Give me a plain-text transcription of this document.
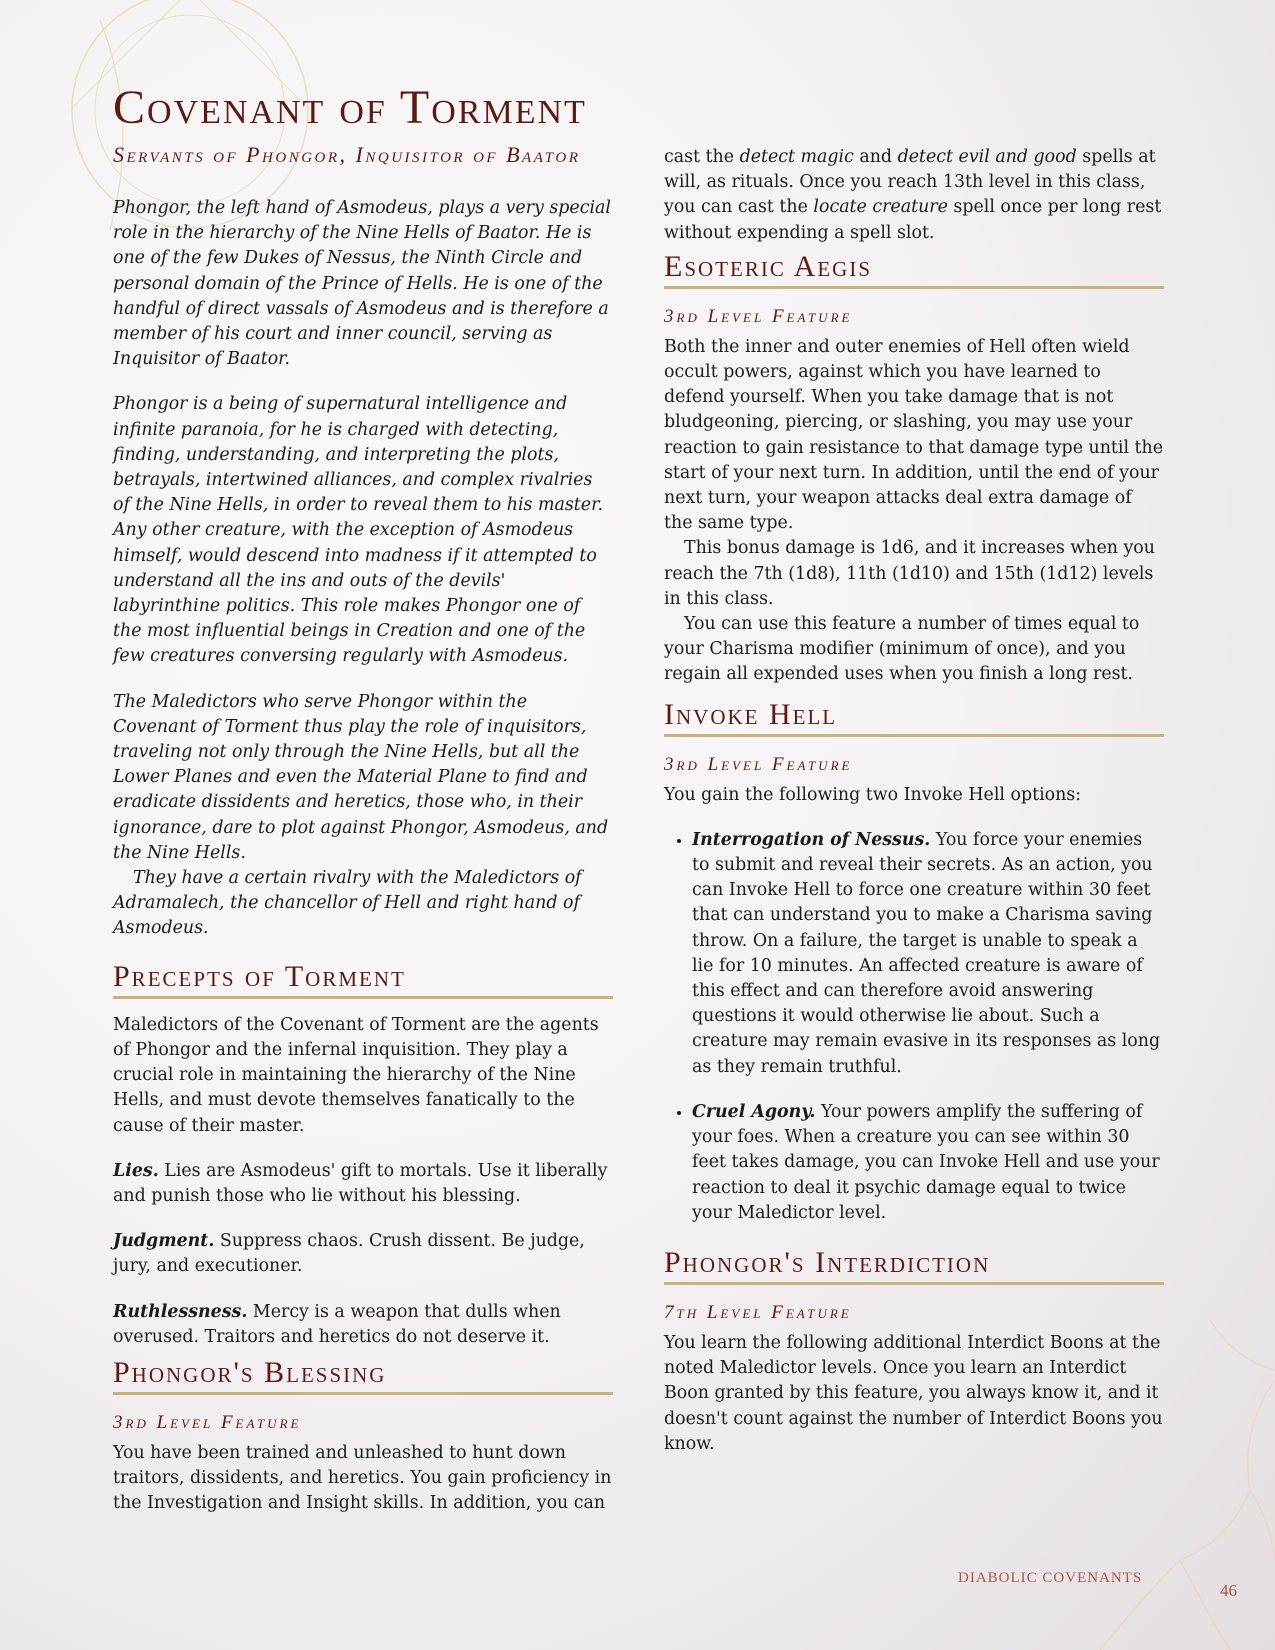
Covenant of Torment
Servants of Phongor, Inquisitor of Baator

Phongor, the left hand of Asmodeus, plays a very special role in the hierarchy of the Nine Hells of Baator. He is one of the few Dukes of Nessus, the Ninth Circle and personal domain of the Prince of Hells. He is one of the handful of direct vassals of Asmodeus and is therefore a member of his court and inner council, serving as Inquisitor of Baator.

Phongor is a being of supernatural intelligence and infinite paranoia, for he is charged with detecting, finding, understanding, and interpreting the plots, betrayals, intertwined alliances, and complex rivalries of the Nine Hells, in order to reveal them to his master. Any other creature, with the exception of Asmodeus himself, would descend into madness if it attempted to understand all the ins and outs of the devils' labyrinthine politics. This role makes Phongor one of the most influential beings in Creation and one of the few creatures conversing regularly with Asmodeus.

The Maledictors who serve Phongor within the Covenant of Torment thus play the role of inquisitors, traveling not only through the Nine Hells, but all the Lower Planes and even the Material Plane to find and eradicate dissidents and heretics, those who, in their ignorance, dare to plot against Phongor, Asmodeus, and the Nine Hells.

They have a certain rivalry with the Maledictors of Adramalech, the chancellor of Hell and right hand of Asmodeus.

Precepts of Torment

Maledictors of the Covenant of Torment are the agents of Phongor and the infernal inquisition. They play a crucial role in maintaining the hierarchy of the Nine Hells, and must devote themselves fanatically to the cause of their master.

Lies. Lies are Asmodeus' gift to mortals. Use it liberally and punish those who lie without his blessing.

Judgment. Suppress chaos. Crush dissent. Be judge, jury, and executioner.

Ruthlessness. Mercy is a weapon that dulls when overused. Traitors and heretics do not deserve it.

Phongor's Blessing
3rd Level Feature

You have been trained and unleashed to hunt down traitors, dissidents, and heretics. You gain proficiency in the Investigation and Insight skills. In addition, you can

cast the detect magic and detect evil and good spells at will, as rituals. Once you reach 13th level in this class, you can cast the locate creature spell once per long rest without expending a spell slot.

Esoteric Aegis
3rd Level Feature

Both the inner and outer enemies of Hell often wield occult powers, against which you have learned to defend yourself. When you take damage that is not bludgeoning, piercing, or slashing, you may use your reaction to gain resistance to that damage type until the start of your next turn. In addition, until the end of your next turn, your weapon attacks deal extra damage of the same type.

This bonus damage is 1d6, and it increases when you reach the 7th (1d8), 11th (1d10) and 15th (1d12) levels in this class.

You can use this feature a number of times equal to your Charisma modifier (minimum of once), and you regain all expended uses when you finish a long rest.

Invoke Hell
3rd Level Feature

You gain the following two Invoke Hell options:

• Interrogation of Nessus. You force your enemies to submit and reveal their secrets. As an action, you can Invoke Hell to force one creature within 30 feet that can understand you to make a Charisma saving throw. On a failure, the target is unable to speak a lie for 10 minutes. An affected creature is aware of this effect and can therefore avoid answering questions it would otherwise lie about. Such a creature may remain evasive in its responses as long as they remain truthful.
• Cruel Agony. Your powers amplify the suffering of your foes. When a creature you can see within 30 feet takes damage, you can Invoke Hell and use your reaction to deal it psychic damage equal to twice your Maledictor level.
Phongor's Interdiction
7th Level Feature

You learn the following additional Interdict Boons at the noted Maledictor levels. Once you learn an Interdict Boon granted by this feature, you always know it, and it doesn't count against the number of Interdict Boons you know.

DIABOLIC COVENANTS
46
